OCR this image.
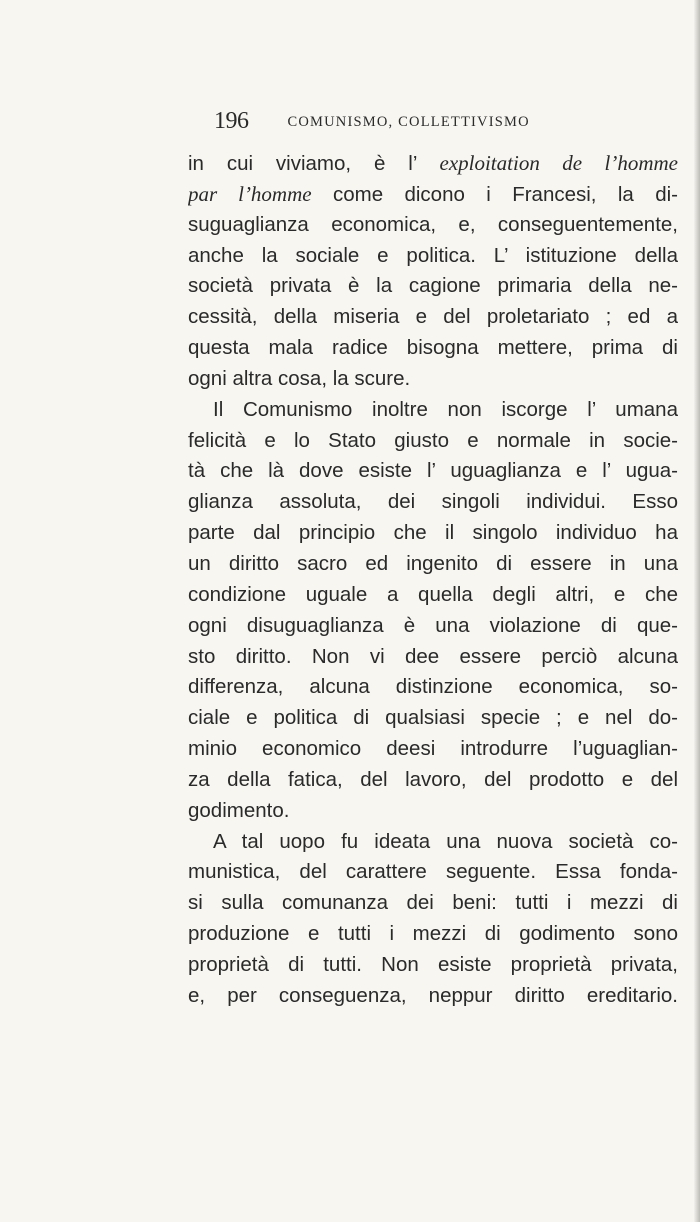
196	COMUNISMO, COLLETTIVISMO
in cui viviamo, è l’ exploitation de l’homme
par l’homme come dicono i Francesi, la di-
suguaglianza economica, e, conseguentemente,
anche la sociale e politica. L’ istituzione della
società privata è la cagione primaria della ne-
cessità, della miseria e del proletariato ; ed a
questa mala radice bisogna mettere, prima di
ogni altra cosa, la scure.
Il Comunismo inoltre non iscorge l’ umana
felicità e lo Stato giusto e normale in socie-
tà che là dove esiste l’ uguaglianza e l’ ugua-
glianza assoluta, dei singoli individui. Esso
parte dal principio che il singolo individuo ha
un diritto sacro ed ingenito di essere in una
condizione uguale a quella degli altri, e che
ogni disuguaglianza è una violazione di que-
sto diritto. Non vi dee essere perciò alcuna
differenza, alcuna distinzione economica, so-
ciale e politica di qualsiasi specie ; e nel do-
minio economico deesi introdurre l’uguaglian-
za della fatica, del lavoro, del prodotto e del
godimento.
A tal uopo fu ideata una nuova società co-
munistica, del carattere seguente. Essa fonda-
si sulla comunanza dei beni: tutti i mezzi di
produzione e tutti i mezzi di godimento sono
proprietà di tutti. Non esiste proprietà privata,
e, per conseguenza, neppur diritto ereditario.
